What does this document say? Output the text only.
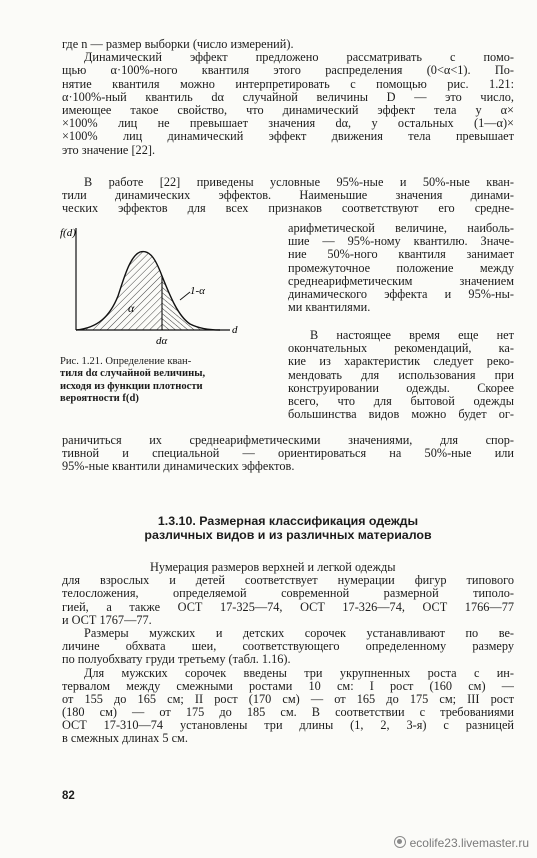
где n — размер выборки (число измерений).
Динамический эффект предложено рассматривать с помо-
щью α·100%-ного квантиля этого распределения (0<α<1). По-
нятие квантиля можно интерпретировать с помощью рис. 1.21:
α·100%-ный квантиль dα случайной величины D — это число,
имеющее такое свойство, что динамический эффект тела у α×
×100% лиц не превышает значения dα, у остальных (1—α)×
×100% лиц динамический эффект движения тела превышает
это значение [22].
В работе [22] приведены условные 95%-ные и 50%-ные кван-
тили динамических эффектов. Наименьшие значения динами-
ческих эффектов для всех признаков соответствуют его средне-
f(d)
d
α
1-α
dα
Рис. 1.21. Определение кван-
тиля dα случайной величины,
исходя из функции плотности
вероятности f(d)
арифметической величине, наиболь-
шие — 95%-ному квантилю. Значе-
ние 50%-ного квантиля занимает
промежуточное положение между
среднеарифметическим значением
динамического эффекта и 95%-ны-
ми квантилями.
В настоящее время еще нет
окончательных рекомендаций, ка-
кие из характеристик следует реко-
мендовать для использования при
конструировании одежды. Скорее
всего, что для бытовой одежды
большинства видов можно будет ог-
раничиться их среднеарифметическими значениями, для спор-
тивной и специальной — ориентироваться на 50%-ные или
95%-ные квантили динамических эффектов.
1.3.10. Размерная классификация одежды
различных видов и из различных материалов
Нумерация размеров верхней и легкой одежды
для взрослых и детей соответствует нумерации фигур типового
телосложения, определяемой современной размерной типоло-
гией, а также ОСТ 17-325—74, ОСТ 17-326—74, ОСТ 1766—77
и ОСТ 1767—77.
Размеры мужских и детских сорочек устанавливают по ве-
личине обхвата шеи, соответствующего определенному размеру
по полуобхвату груди третьему (табл. 1.16).
Для мужских сорочек введены три укрупненных роста с ин-
тервалом между смежными ростами 10 см: I рост (160 см) —
от 155 до 165 см; II рост (170 см) — от 165 до 175 см; III рост
(180 см) — от 175 до 185 см. В соответствии с требованиями
ОСТ 17-310—74 установлены три длины (1, 2, 3-я) с разницей
в смежных длинах 5 см.
82
ecolife23.livemaster.ru
